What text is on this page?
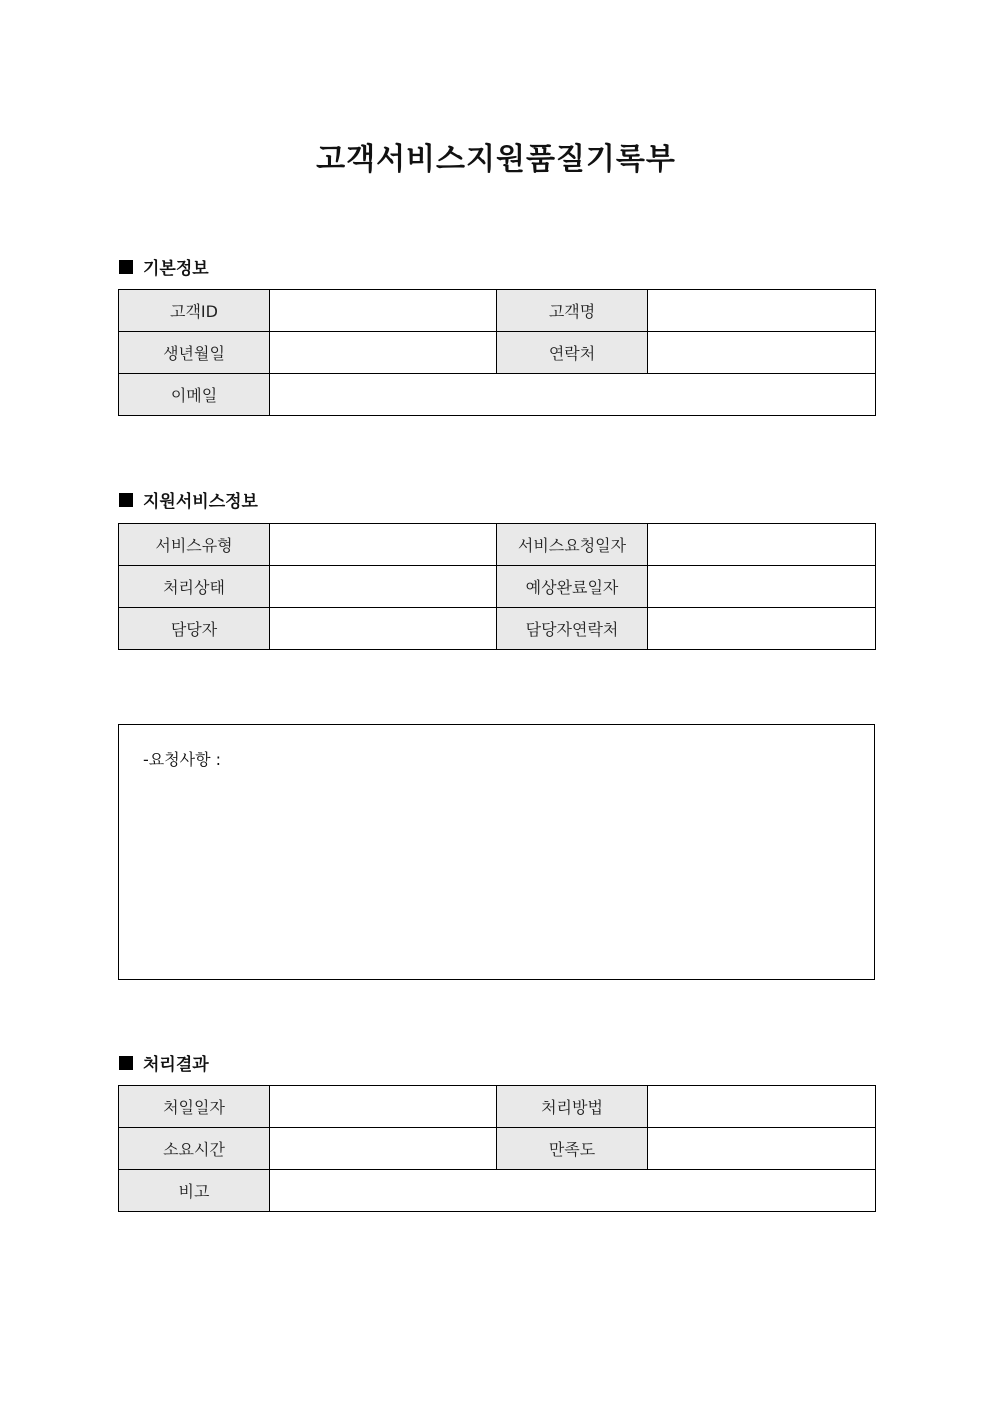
고객서비스지원품질기록부
기본정보
고객ID		고객명	
생년월일		연락처	
이메일			
지원서비스정보
서비스유형		서비스요청일자	
처리상태		예상완료일자	
담당자		담당자연락처	
-요청사항 :
처리결과
처일일자		처리방법	
소요시간		만족도	
비고			
